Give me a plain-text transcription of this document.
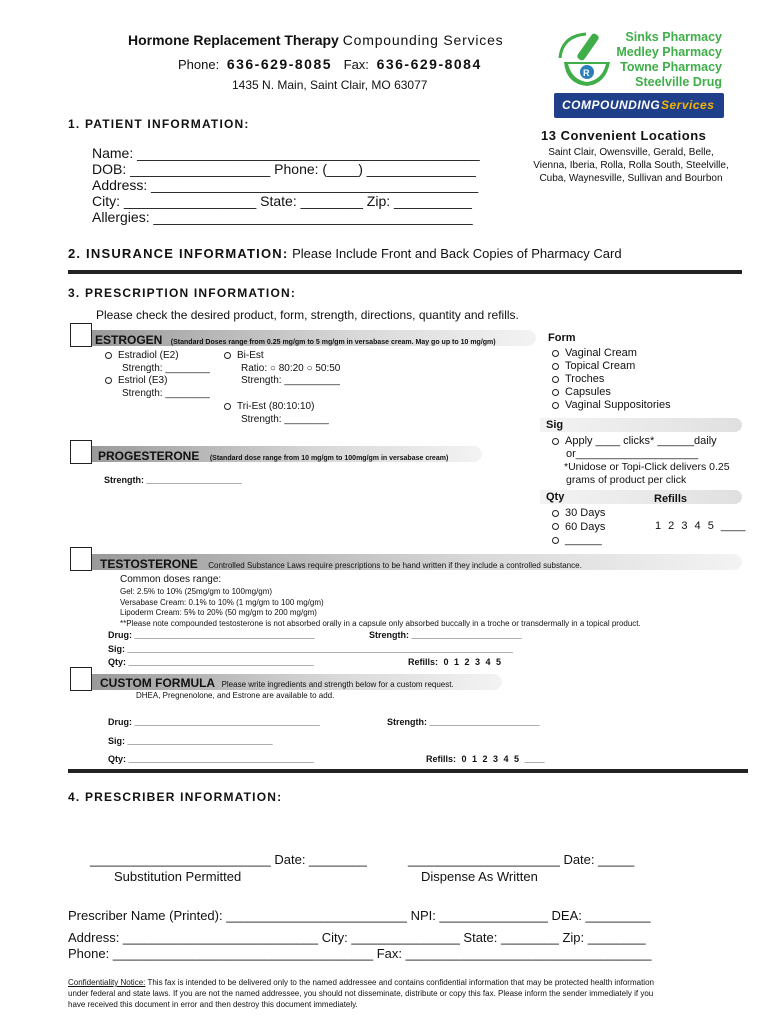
Hormone Replacement Therapy Compounding Services
Phone: 636-629-8085 Fax: 636-629-8084
1435 N. Main, Saint Clair, MO 63077
R
Sinks Pharmacy
Medley Pharmacy
Towne Pharmacy
Steelville Drug
COMPOUNDING Services
1. PATIENT INFORMATION:
Name: ____________________________________________
DOB: __________________ Phone: (____) ______________
Address: __________________________________________
City: _________________ State: ________ Zip: __________
Allergies: _________________________________________
13 Convenient Locations
Saint Clair, Owensville, Gerald, Belle,
Vienna, Iberia, Rolla, Rolla South, Steelville,
Cuba, Waynesville, Sullivan and Bourbon
2. INSURANCE INFORMATION: Please Include Front and Back Copies of Pharmacy Card
3. PRESCRIPTION INFORMATION:
Please check the desired product, form, strength, directions, quantity and refills.
ESTROGEN (Standard Doses range from 0.25 mg/gm to 5 mg/gm in versabase cream. May go up to 10 mg/gm)
Estradiol (E2)
Strength: ________
Estriol (E3)
Strength: ________
Bi-Est
Ratio: ○ 80:20 ○ 50:50
Strength: __________
Tri-Est (80:10:10)
Strength: ________
Form
Vaginal Cream
Topical Cream
Troches
Capsules
Vaginal Suppositories
Sig
Apply ____ clicks* ______daily
or____________________
*Unidose or Topi-Click delivers 0.25
grams of product per click
Qty	Refills
30 Days
60 Days
______
1 2 3 4 5 ____
PROGESTERONE (Standard dose range from 10 mg/gm to 100mg/gm in versabase cream)
Strength: ___________________
TESTOSTERONE Controlled Substance Laws require prescriptions to be hand written if they include a controlled substance.
Common doses range:
Gel: 2.5% to 10% (25mg/gm to 100mg/gm)
Versabase Cream: 0.1% to 10% (1 mg/gm to 100 mg/gm)
Lipoderm Cream: 5% to 20% (50 mg/gm to 200 mg/gm)
**Please note compounded testosterone is not absorbed orally in a capsule only absorbed buccally in a troche or transdermally in a topical product.
Drug: ____________________________________	Strength: ______________________
Sig: _____________________________________________________________________________
Qty: _____________________________________	Refills: 0 1 2 3 4 5
CUSTOM FORMULA Please write ingredients and strength below for a custom request.
DHEA, Pregnenolone, and Estrone are available to add.
Drug: _____________________________________	Strength: ______________________
Sig: _____________________________
Qty: _____________________________________	Refills: 0 1 2 3 4 5 ____
4. PRESCRIBER INFORMATION:
_________________________ Date: ________	_____________________ Date: _____
Substitution Permitted	Dispense As Written
Prescriber Name (Printed): _________________________ NPI: _______________ DEA: _________
Address: ___________________________ City: _______________ State: ________ Zip: ________
Phone: ____________________________________ Fax: __________________________________
Confidentiality Notice: This fax is intended to be delivered only to the named addressee and contains confidential information that may be protected health information
under federal and state laws. If you are not the named addressee, you should not disseminate, distribute or copy this fax. Please inform the sender immediately if you
have received this document in error and then destroy this document immediately.
